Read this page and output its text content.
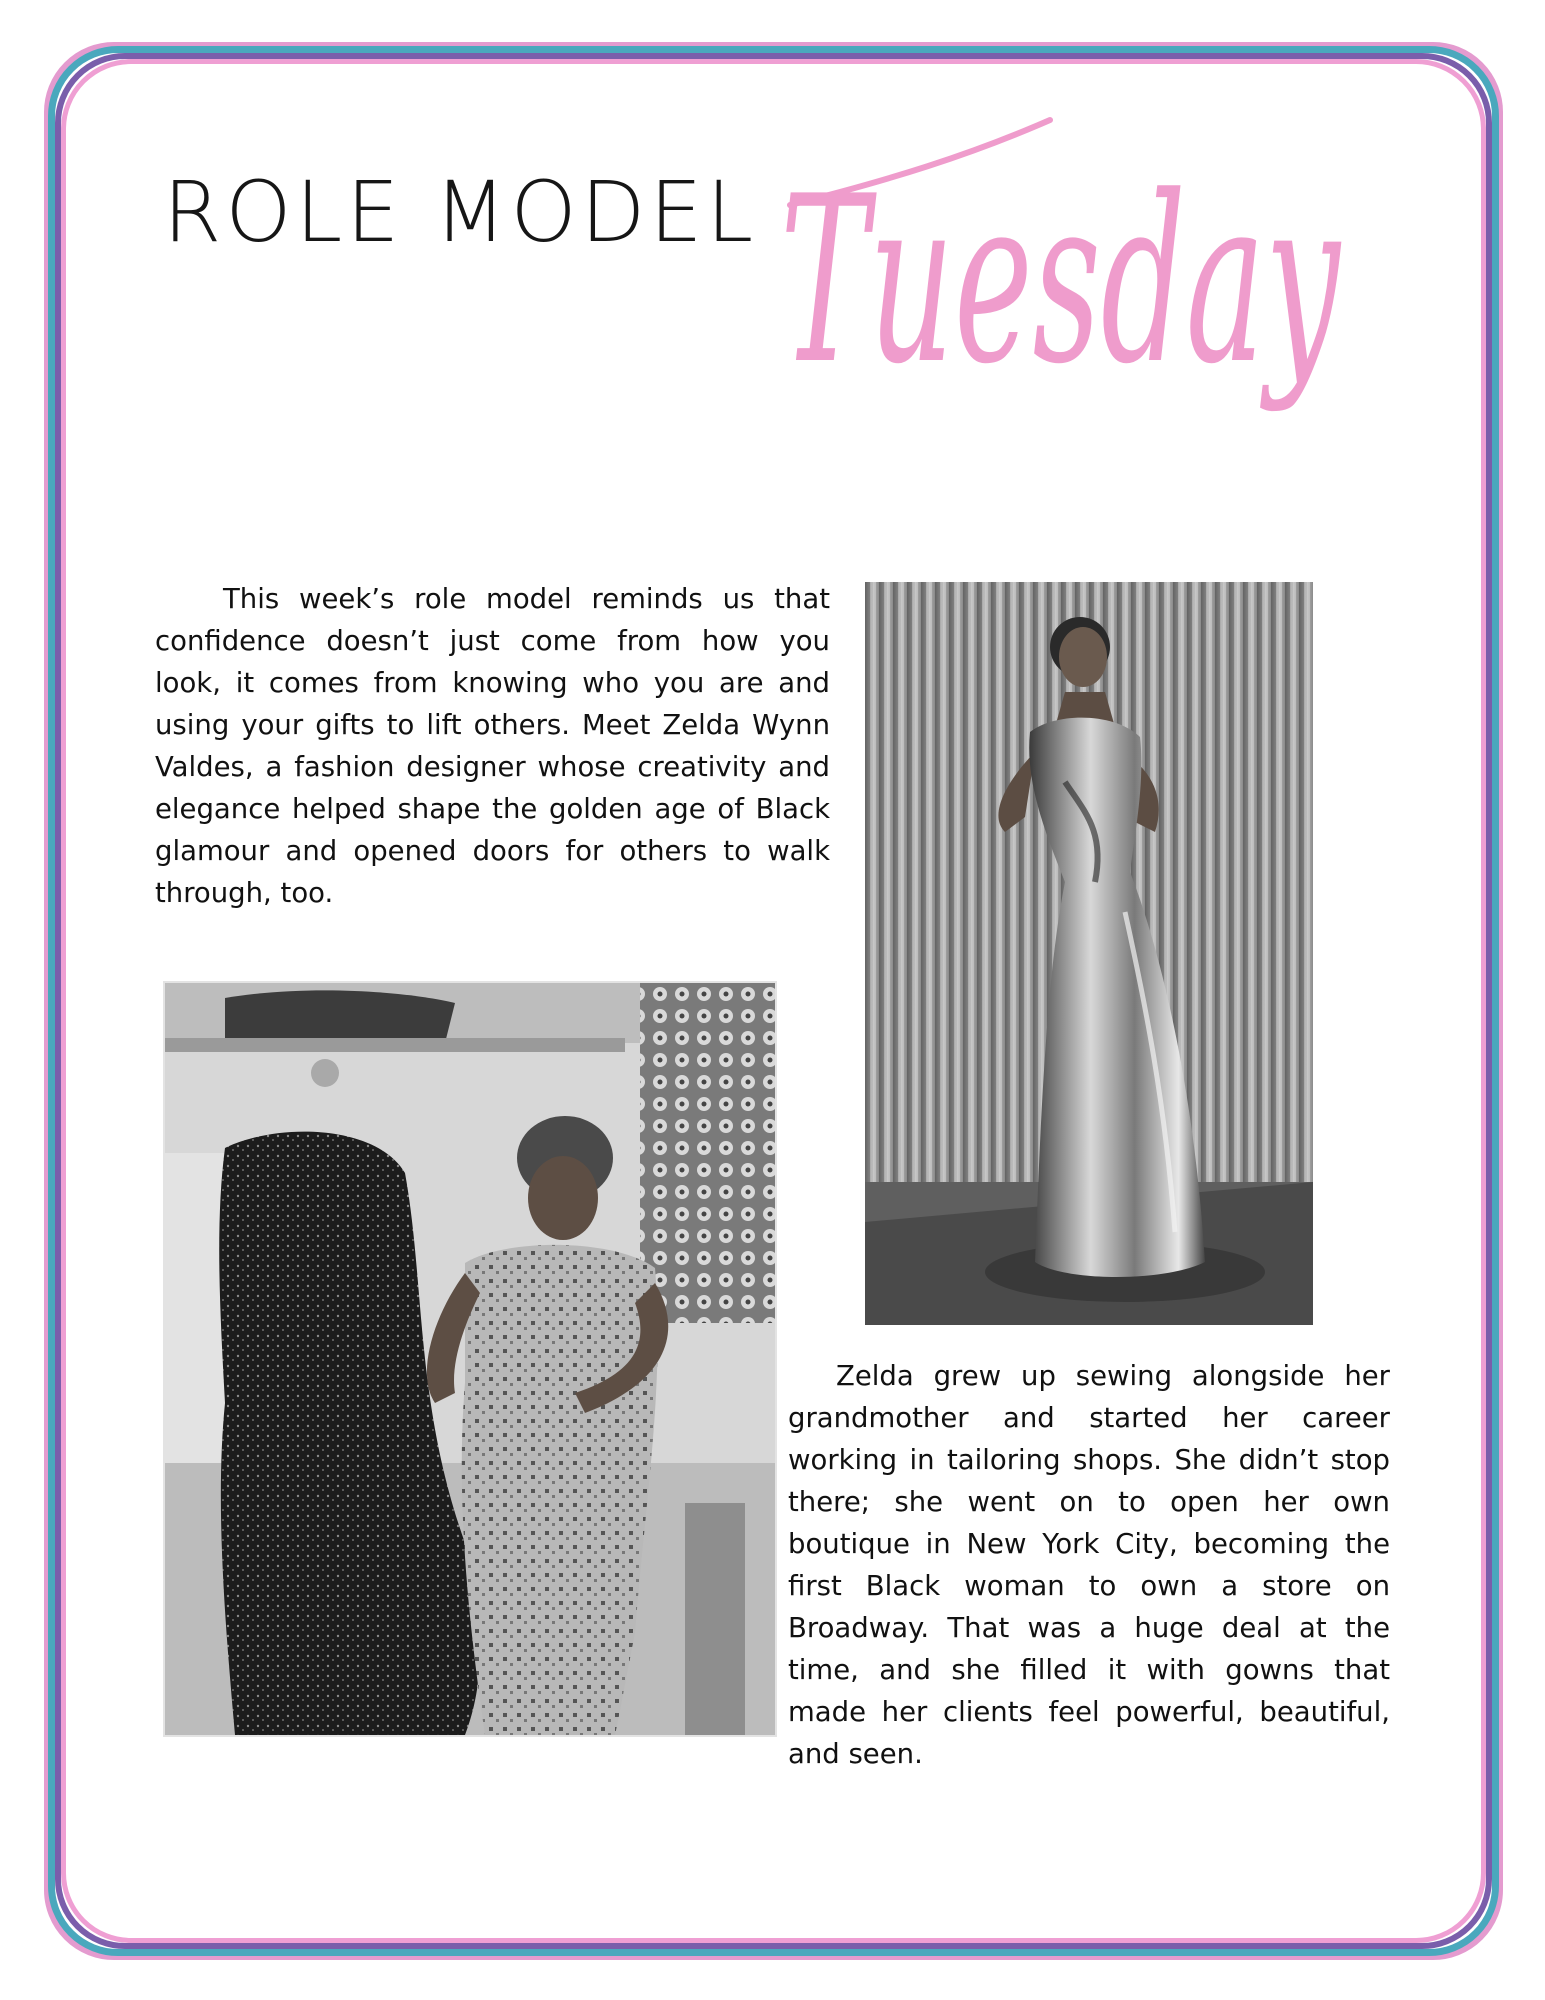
ROLE MODEL Tuesday

This week’s role model reminds us that confidence doesn’t just come from how you look, it comes from knowing who you are and using your gifts to lift others. Meet Zelda Wynn Valdes, a fashion designer whose creativity and elegance helped shape the golden age of Black glamour and opened doors for others to walk through, too.

Zelda grew up sewing alongside her grandmother and started her career working in tailoring shops. She didn’t stop there; she went on to open her own boutique in New York City, becoming the first Black woman to own a store on Broadway. That was a huge deal at the time, and she filled it with gowns that made her clients feel powerful, beautiful, and seen.
